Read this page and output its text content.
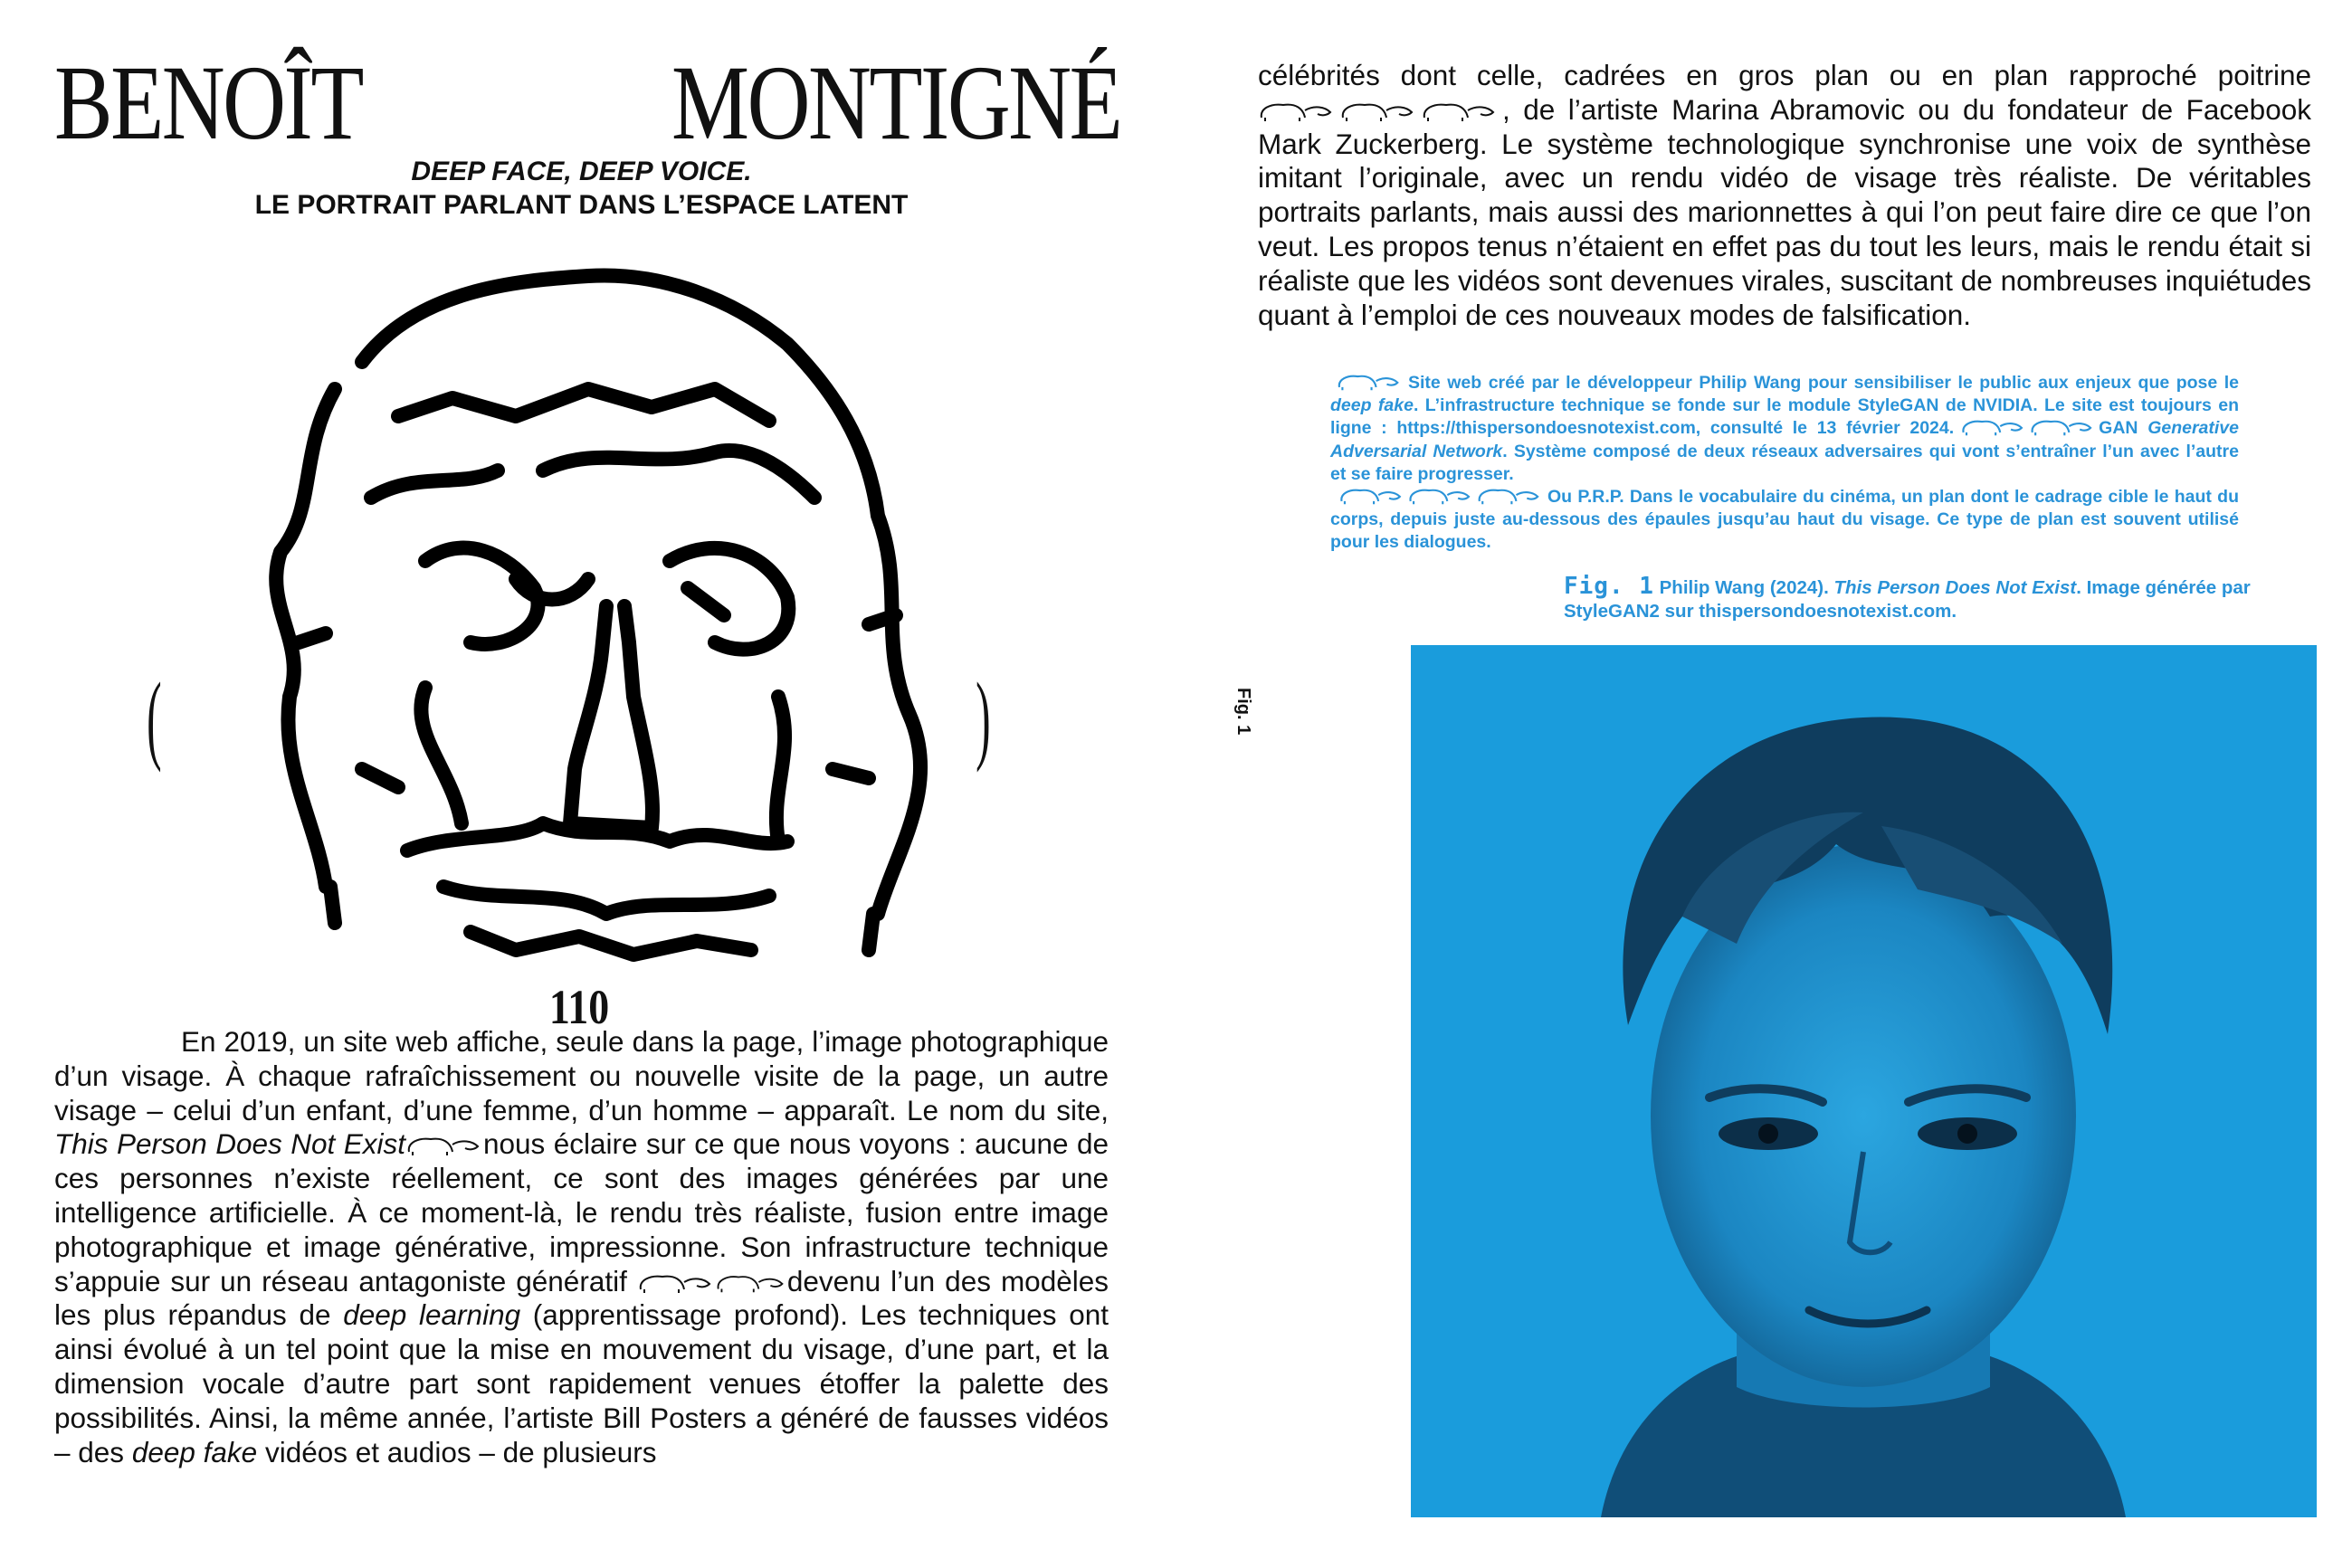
BENOÎT	MONTIGNÉ
DEEP FACE, DEEP VOICE.
LE PORTRAIT PARLANT DANS L’ESPACE LATENT
(	)
110
En 2019, un site web affiche, seule dans la page, l’image photographique d’un visage. À chaque rafraîchissement ou nouvelle visite de la page, un autre visage – celui d’un enfant, d’une femme, d’un homme – apparaît. Le nom du site, This Person Does Not Exist	nous éclaire sur ce que nous voyons : aucune de ces personnes n’existe réellement, ce sont des images générées par une intelligence artificielle. À ce moment-là, le rendu très réaliste, fusion entre image photographique et image générative, impressionne. Son infrastructure technique s’appuie sur un réseau antagoniste génératif	devenu l’un des modèles les plus répandus de deep learning (apprentissage profond). Les techniques ont ainsi évolué à un tel point que la mise en mouvement du visage, d’une part, et la dimension vocale d’autre part sont rapidement venues étoffer la palette des possibilités. Ainsi, la même année, l’artiste Bill Posters a généré de fausses vidéos – des deep fake vidéos et audios – de plusieurs
célébrités dont celle, cadrées en gros plan ou en plan rapproché poitrine, de l’artiste Marina Abramovic ou du fondateur de Facebook Mark Zuckerberg. Le système technologique synchronise une voix de synthèse imitant l’originale, avec un rendu vidéo de visage très réaliste. De véritables portraits parlants, mais aussi des marionnettes à qui l’on peut faire dire ce que l’on veut. Les propos tenus n’étaient en effet pas du tout les leurs, mais le rendu était si réaliste que les vidéos sont devenues virales, suscitant de nombreuses inquiétudes quant à l’emploi de ces nouveaux modes de falsification.

Site web créé par le développeur Philip Wang pour sensibiliser le public aux enjeux que pose le deep fake. L’infrastructure technique se fonde sur le module StyleGAN de NVIDIA. Le site est toujours en ligne : https://thispersondoesnotexist.com, consulté le 13 février 2024.	GAN Generative Adversarial Network. Système composé de deux réseaux adversaires qui vont s’entraîner l’un avec l’autre et se faire progresser.

Ou P.R.P. Dans le vocabulaire du cinéma, un plan dont le cadrage cible le haut du corps, depuis juste au-dessous des épaules jusqu’au haut du visage. Ce type de plan est souvent utilisé pour les dialogues.

Fig. 1 Philip Wang (2024). This Person Does Not Exist. Image générée par StyleGAN2 sur thispersondoesnotexist.com.
Fig. 1
